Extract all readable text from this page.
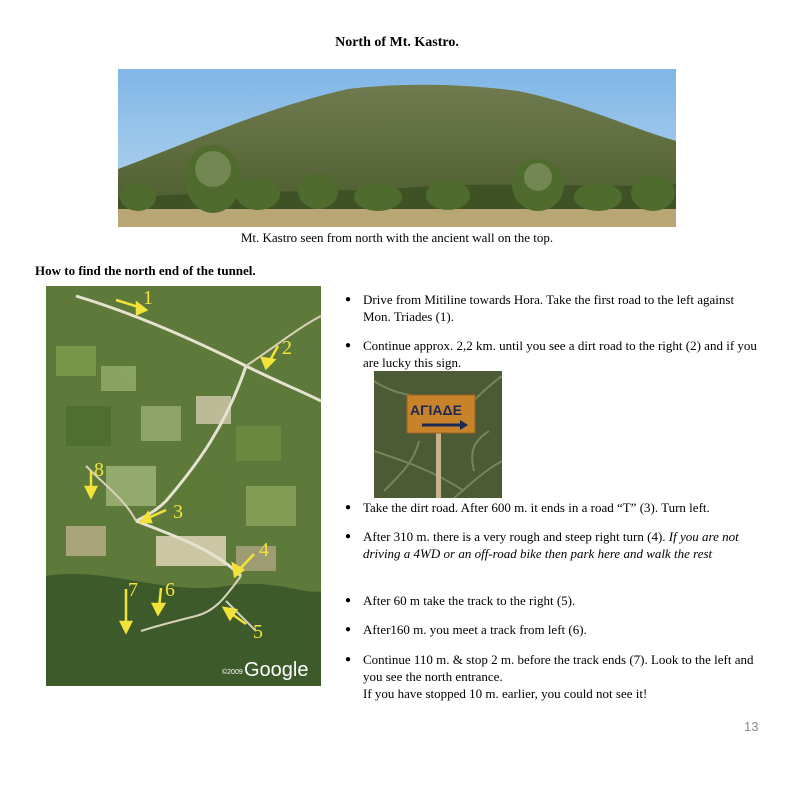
North of Mt. Kastro.
Mt. Kastro seen from north with the ancient wall on the top.
How to find the north end of the tunnel.
1
2
3
4
5
6
7
8
Google
©2009
● Drive from Mitiline towards Hora. Take the first road to the left against Mon. Triades (1).
● Continue approx. 2,2 km. until you see a dirt road to the right (2) and if you are lucky this sign.
ΑΓΙΑΔΕ
● Take the dirt road. After 600 m. it ends in a road “T” (3). Turn left.
● After 310 m. there is a very rough and steep right turn (4). If you are not driving a 4WD or an off-road bike then park here and walk the rest
● After 60 m take the track to the right (5).
● After160 m. you meet a track from left (6).
● Continue 110 m. & stop 2 m. before the track ends (7). Look to the left and you see the north entrance.
If you have stopped 10 m. earlier, you could not see it!
13
